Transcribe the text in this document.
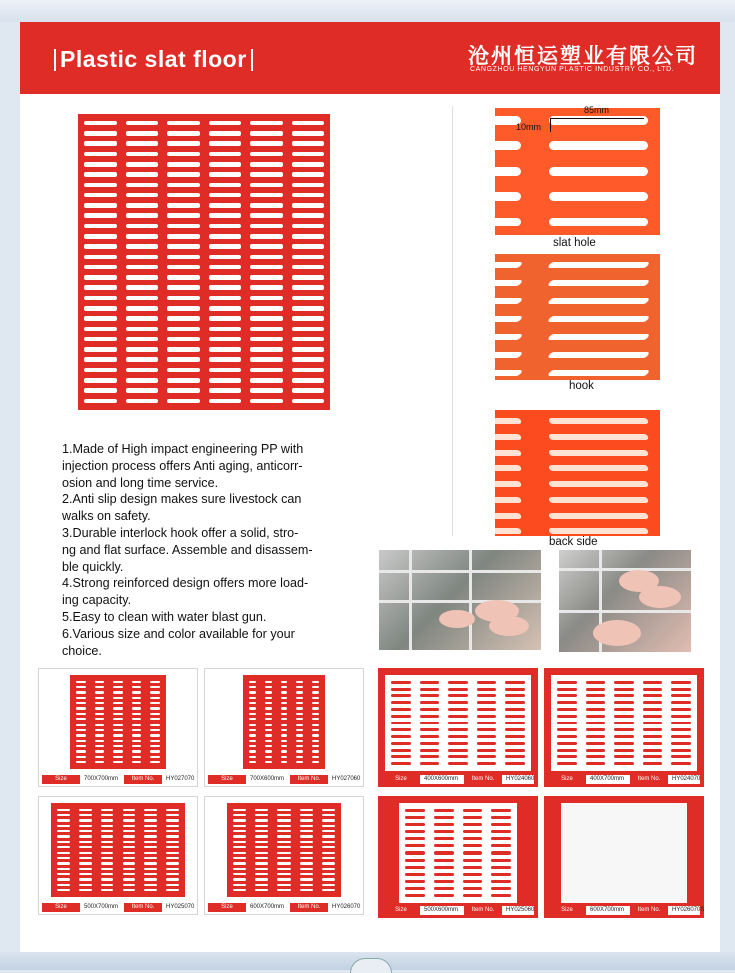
Plastic slat floor	沧州恒运塑业有限公司
CANGZHOU HENGYUN PLASTIC INDUSTRY CO., LTD.
85mm
10mm
slat hole
hook
back side
1.Made of High impact engineering PP with
injection process offers Anti aging, anticorr-
osion and long time service.
2.Anti slip design makes sure livestock can
walks on safety.
3.Durable interlock hook offer a solid, stro-
ng and flat surface. Assemble and disassem-
ble quickly.
4.Strong reinforced design offers more load-
ing capacity.
5.Easy to clean with water blast gun.
6.Various size and color available for your
choice.
Size	700X700mm	Item No.	HY027070	Size	700X600mm	Item No.	HY027060	Size	400X600mm	Item No.	HY024060	Size	400X700mm	Item No.	HY024070
Size	500X700mm	Item No.	HY025070	Size	600X700mm	Item No.	HY026070	Size	500X600mm	Item No.	HY025060	Size	600X700mm	Item No.	HY026070S
